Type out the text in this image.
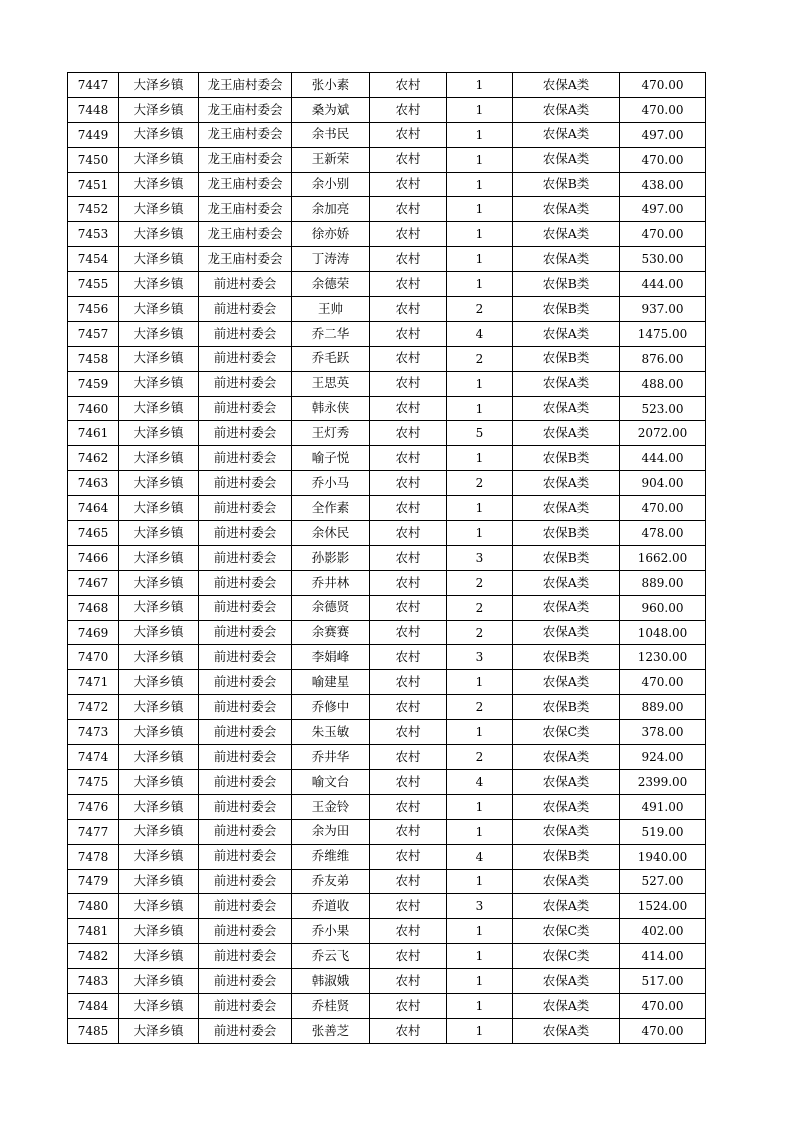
7447	大泽乡镇	龙王庙村委会	张小素	农村	1	农保A类	470.00
7448	大泽乡镇	龙王庙村委会	桑为斌	农村	1	农保A类	470.00
7449	大泽乡镇	龙王庙村委会	余书民	农村	1	农保A类	497.00
7450	大泽乡镇	龙王庙村委会	王新荣	农村	1	农保A类	470.00
7451	大泽乡镇	龙王庙村委会	余小别	农村	1	农保B类	438.00
7452	大泽乡镇	龙王庙村委会	余加亮	农村	1	农保A类	497.00
7453	大泽乡镇	龙王庙村委会	徐亦娇	农村	1	农保A类	470.00
7454	大泽乡镇	龙王庙村委会	丁涛涛	农村	1	农保A类	530.00
7455	大泽乡镇	前进村委会	余德荣	农村	1	农保B类	444.00
7456	大泽乡镇	前进村委会	王帅	农村	2	农保B类	937.00
7457	大泽乡镇	前进村委会	乔二华	农村	4	农保A类	1475.00
7458	大泽乡镇	前进村委会	乔毛跃	农村	2	农保B类	876.00
7459	大泽乡镇	前进村委会	王思英	农村	1	农保A类	488.00
7460	大泽乡镇	前进村委会	韩永侠	农村	1	农保A类	523.00
7461	大泽乡镇	前进村委会	王灯秀	农村	5	农保A类	2072.00
7462	大泽乡镇	前进村委会	喻子悦	农村	1	农保B类	444.00
7463	大泽乡镇	前进村委会	乔小马	农村	2	农保A类	904.00
7464	大泽乡镇	前进村委会	全作素	农村	1	农保A类	470.00
7465	大泽乡镇	前进村委会	余休民	农村	1	农保B类	478.00
7466	大泽乡镇	前进村委会	孙影影	农村	3	农保B类	1662.00
7467	大泽乡镇	前进村委会	乔井林	农村	2	农保A类	889.00
7468	大泽乡镇	前进村委会	余德贤	农村	2	农保A类	960.00
7469	大泽乡镇	前进村委会	余赛赛	农村	2	农保A类	1048.00
7470	大泽乡镇	前进村委会	李娟峰	农村	3	农保B类	1230.00
7471	大泽乡镇	前进村委会	喻建星	农村	1	农保A类	470.00
7472	大泽乡镇	前进村委会	乔修中	农村	2	农保B类	889.00
7473	大泽乡镇	前进村委会	朱玉敏	农村	1	农保C类	378.00
7474	大泽乡镇	前进村委会	乔井华	农村	2	农保A类	924.00
7475	大泽乡镇	前进村委会	喻文台	农村	4	农保A类	2399.00
7476	大泽乡镇	前进村委会	王金铃	农村	1	农保A类	491.00
7477	大泽乡镇	前进村委会	余为田	农村	1	农保A类	519.00
7478	大泽乡镇	前进村委会	乔维维	农村	4	农保B类	1940.00
7479	大泽乡镇	前进村委会	乔友弟	农村	1	农保A类	527.00
7480	大泽乡镇	前进村委会	乔道收	农村	3	农保A类	1524.00
7481	大泽乡镇	前进村委会	乔小果	农村	1	农保C类	402.00
7482	大泽乡镇	前进村委会	乔云飞	农村	1	农保C类	414.00
7483	大泽乡镇	前进村委会	韩淑娥	农村	1	农保A类	517.00
7484	大泽乡镇	前进村委会	乔桂贤	农村	1	农保A类	470.00
7485	大泽乡镇	前进村委会	张善芝	农村	1	农保A类	470.00
